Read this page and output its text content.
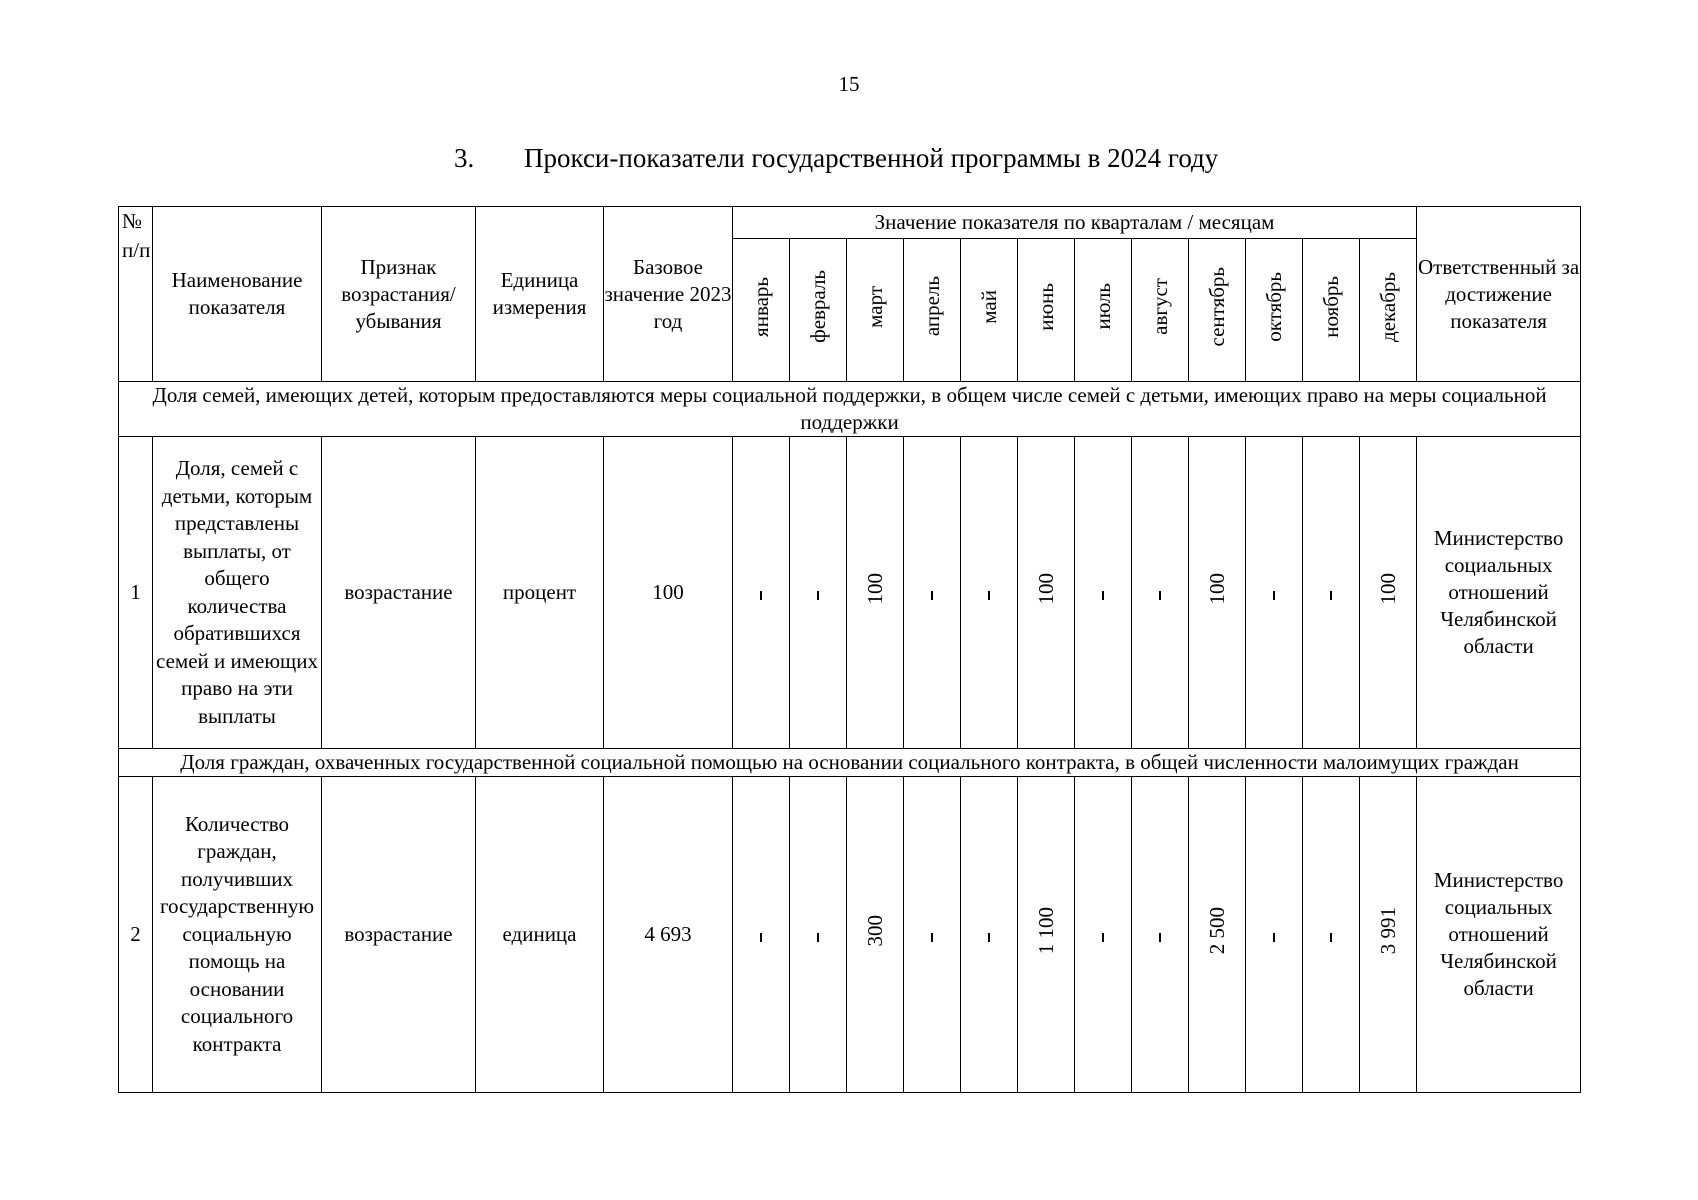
15
3. Прокси-показатели государственной программы в 2024 году
№ п/п	Наименование показателя	Признак возрастания/ убывания	Единица измерения	Базовое значение 2023 год	Значение показателя по кварталам / месяцам												Ответственный за достижение показателя
					январь	февраль	март	апрель	май	июнь	июль	август	сентябрь	октябрь	ноябрь	декабрь	
Доля семей, имеющих детей, которым предоставляются меры социальной поддержки, в общем числе семей с детьми, имеющих право на меры социальной поддержки																	
1	Доля, семей с детьми, которым представлены выплаты, от общего количества обратившихся семей и имеющих право на эти выплаты	возрастание	процент	100			100			100			100			100	Министерство социальных отношений Челябинской области
Доля граждан, охваченных государственной социальной помощью на основании социального контракта, в общей численности малоимущих граждан																	
2	Количество граждан, получивших государственную социальную помощь на основании социального контракта	возрастание	единица	4 693			300			1 100			2 500			3 991	Министерство социальных отношений Челябинской области
